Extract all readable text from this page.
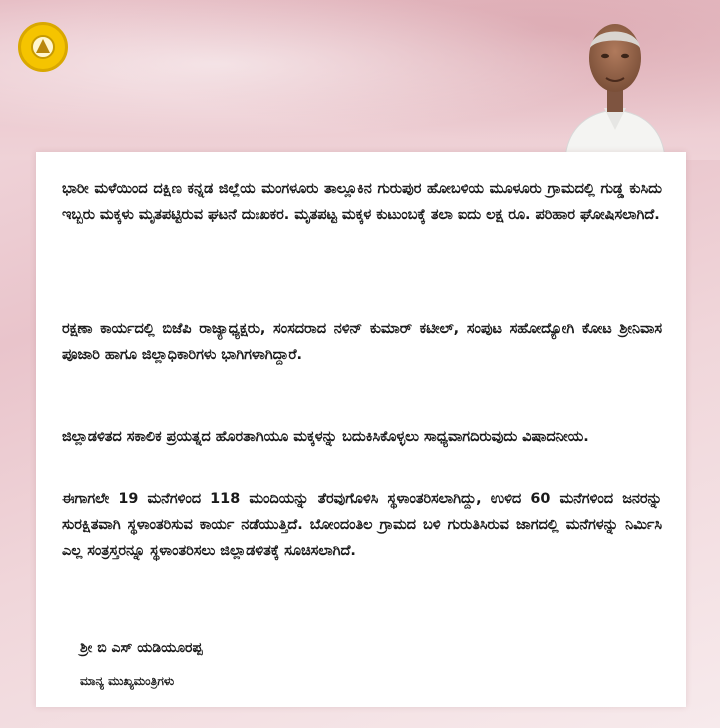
ಭಾರೀ ಮಳೆಯಿಂದ ದಕ್ಷಿಣ ಕನ್ನಡ ಜಿಲ್ಲೆಯ ಮಂಗಳೂರು ತಾಲ್ಲೂಕಿನ ಗುರುಪುರ ಹೋಬಳಿಯ ಮೂಳೂರು ಗ್ರಾಮದಲ್ಲಿ ಗುಡ್ಡ ಕುಸಿದು ಇಬ್ಬರು ಮಕ್ಕಳು ಮೃತಪಟ್ಟಿರುವ ಘಟನೆ ದುಃಖಕರ. ಮೃತಪಟ್ಟ ಮಕ್ಕಳ ಕುಟುಂಬಕ್ಕೆ ತಲಾ ಐದು ಲಕ್ಷ ರೂ. ಪರಿಹಾರ ಘೋಷಿಸಲಾಗಿದೆ.

ರಕ್ಷಣಾ ಕಾರ್ಯದಲ್ಲಿ ಬಿಜೆಪಿ ರಾಜ್ಯಾಧ್ಯಕ್ಷರು, ಸಂಸದರಾದ ನಳಿನ್ ಕುಮಾರ್ ಕಟೀಲ್, ಸಂಪುಟ ಸಹೋದ್ಯೋಗಿ ಕೋಟ ಶ್ರೀನಿವಾಸ ಪೂಜಾರಿ ಹಾಗೂ ಜಿಲ್ಲಾಧಿಕಾರಿಗಳು ಭಾಗಿಗಳಾಗಿದ್ದಾರೆ.

ಜಿಲ್ಲಾಡಳಿತದ ಸಕಾಲಿಕ ಪ್ರಯತ್ನದ ಹೊರತಾಗಿಯೂ ಮಕ್ಕಳನ್ನು ಬದುಕಿಸಿಕೊಳ್ಳಲು ಸಾಧ್ಯವಾಗದಿರುವುದು ವಿಷಾದನೀಯ.

ಈಗಾಗಲೇ 19 ಮನೆಗಳಿಂದ 118 ಮಂದಿಯನ್ನು ತೆರವುಗೊಳಿಸಿ ಸ್ಥಳಾಂತರಿಸಲಾಗಿದ್ದು, ಉಳಿದ 60 ಮನೆಗಳಿಂದ ಜನರನ್ನು ಸುರಕ್ಷಿತವಾಗಿ ಸ್ಥಳಾಂತರಿಸುವ ಕಾರ್ಯ ನಡೆಯುತ್ತಿದೆ. ಬೋಂದಂತಿಲ ಗ್ರಾಮದ ಬಳಿ ಗುರುತಿಸಿರುವ ಜಾಗದಲ್ಲಿ ಮನೆಗಳನ್ನು ನಿರ್ಮಿಸಿ ಎಲ್ಲ ಸಂತ್ರಸ್ತರನ್ನೂ ಸ್ಥಳಾಂತರಿಸಲು ಜಿಲ್ಲಾಡಳಿತಕ್ಕೆ ಸೂಚಿಸಲಾಗಿದೆ.

ಶ್ರೀ ಬಿ ಎಸ್ ಯಡಿಯೂರಪ್ಪ
ಮಾನ್ಯ ಮುಖ್ಯಮಂತ್ರಿಗಳು
